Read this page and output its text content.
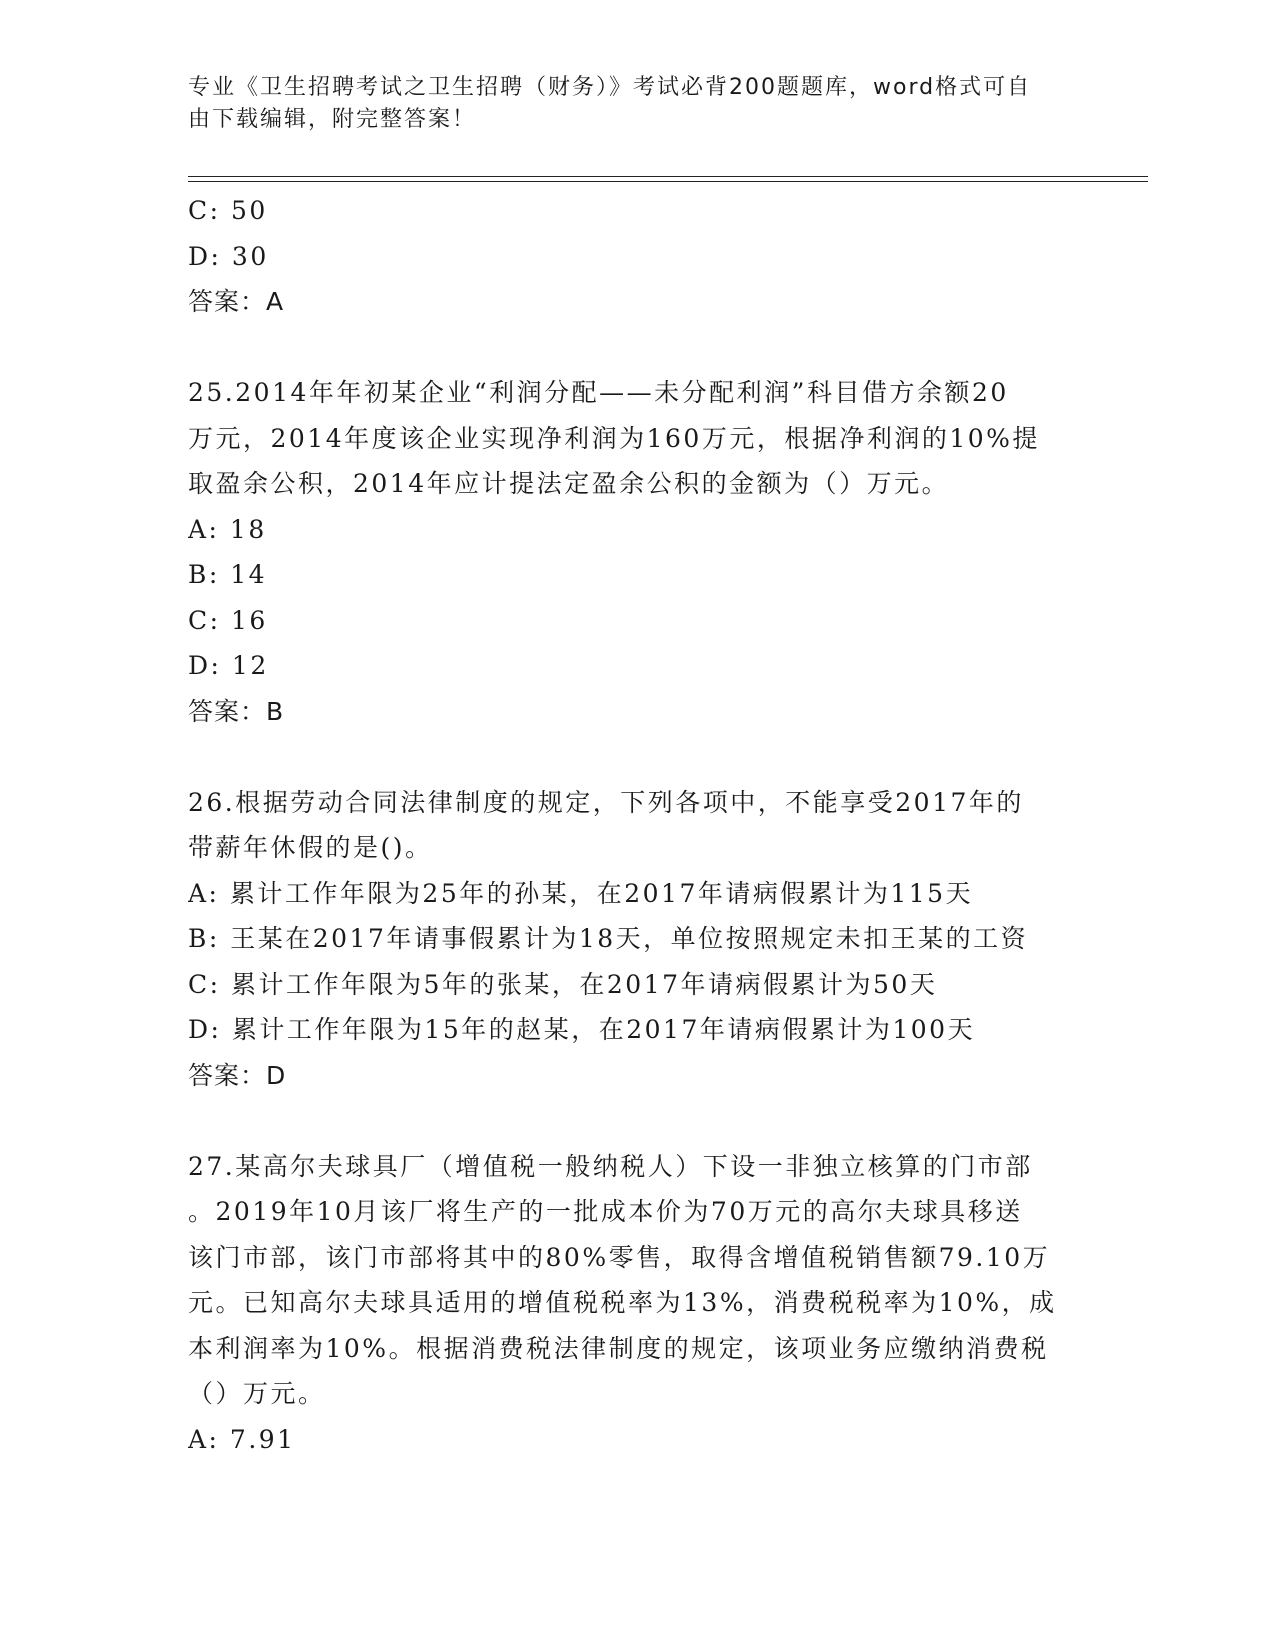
专业《卫生招聘考试之卫生招聘（财务）》考试必背200题题库，word格式可自
由下载编辑，附完整答案！
C: 50
D: 30
答案：A
25.2014年年初某企业“利润分配——未分配利润”科目借方余额20
万元，2014年度该企业实现净利润为160万元，根据净利润的10%提
取盈余公积，2014年应计提法定盈余公积的金额为（）万元。
A: 18
B: 14
C: 16
D: 12
答案：B
26.根据劳动合同法律制度的规定，下列各项中，不能享受2017年的
带薪年休假的是()。
A: 累计工作年限为25年的孙某，在2017年请病假累计为115天
B: 王某在2017年请事假累计为18天，单位按照规定未扣王某的工资
C: 累计工作年限为5年的张某，在2017年请病假累计为50天
D: 累计工作年限为15年的赵某，在2017年请病假累计为100天
答案：D
27.某高尔夫球具厂（增值税一般纳税人）下设一非独立核算的门市部
。2019年10月该厂将生产的一批成本价为70万元的高尔夫球具移送
该门市部，该门市部将其中的80%零售，取得含增值税销售额79.10万
元。已知高尔夫球具适用的增值税税率为13%，消费税税率为10%，成
本利润率为10%。根据消费税法律制度的规定，该项业务应缴纳消费税
（）万元。
A: 7.91
